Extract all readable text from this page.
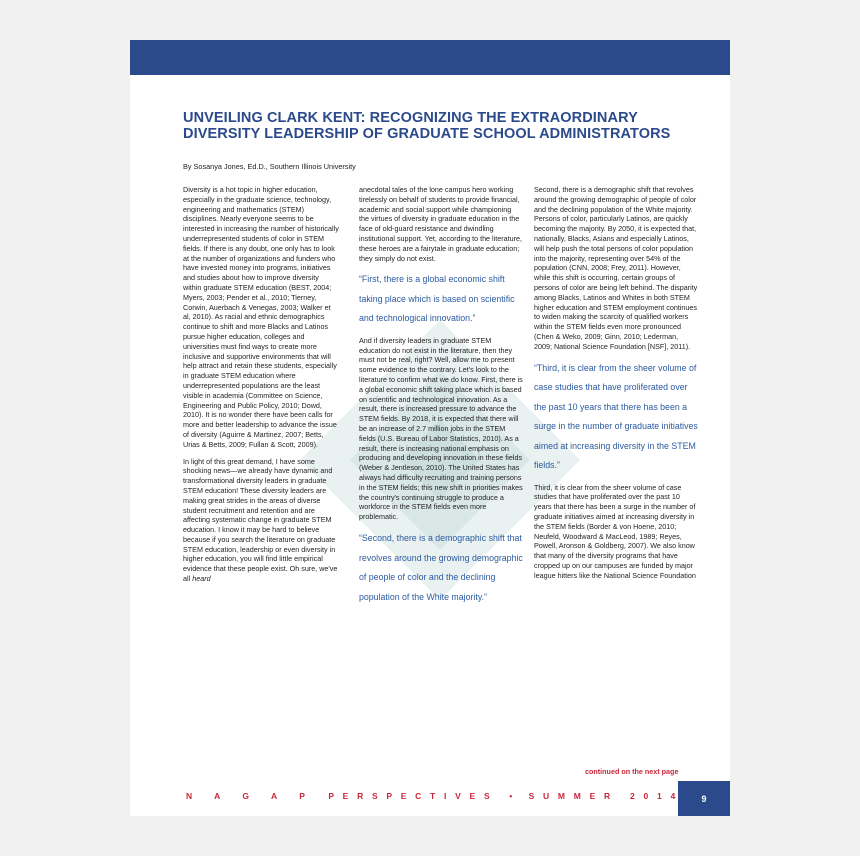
UNVEILING CLARK KENT: RECOGNIZING THE EXTRAORDINARY DIVERSITY LEADERSHIP OF GRADUATE SCHOOL ADMINISTRATORS

By Sosanya Jones, Ed.D., Southern Illinois University

Diversity is a hot topic in higher education, especially in the graduate science, technology, engineering and mathematics (STEM) disciplines. Nearly everyone seems to be interested in increasing the number of historically underrepresented students of color in STEM fields. If there is any doubt, one only has to look at the number of organizations and funders who have invested money into programs, initiatives and studies about how to improve diversity within graduate STEM education (BEST, 2004; Myers, 2003; Pender et al., 2010; Tierney, Corwin, Auerbach & Venegas, 2003; Walker et al, 2010). As racial and ethnic demographics continue to shift and more Blacks and Latinos pursue higher education, colleges and universities must find ways to create more inclusive and supportive environments that will help attract and retain these students, especially in graduate STEM education where underrepresented populations are the least visible in academia (Committee on Science, Engineering and Public Policy, 2010; Dowd, 2010). It is no wonder there have been calls for more and better leadership to advance the issue of diversity (Aguirre & Martinez, 2007; Betts, Urias & Betts, 2009; Fullan & Scott, 2009).

In light of this great demand, I have some shocking news—we already have dynamic and transformational diversity leaders in graduate STEM education! These diversity leaders are making great strides in the areas of diverse student recruitment and retention and are affecting systematic change in graduate STEM education. I know it may be hard to believe because if you search the literature on graduate STEM education, leadership or even diversity in higher education, you will find little empirical evidence that these people exist. Oh sure, we've all heard

anecdotal tales of the lone campus hero working tirelessly on behalf of students to provide financial, academic and social support while championing the virtues of diversity in graduate education in the face of old-guard resistance and dwindling institutional support. Yet, according to the literature, these heroes are a fairytale in graduate education; they simply do not exist.

“First, there is a global economic shift taking place which is based on scientific and technological innovation.”

And if diversity leaders in graduate STEM education do not exist in the literature, then they must not be real, right? Well, allow me to present some evidence to the contrary. Let's look to the literature to confirm what we do know. First, there is a global economic shift taking place which is based on scientific and technological innovation. As a result, there is increased pressure to advance the STEM fields. By 2018, it is expected that there will be an increase of 2.7 million jobs in the STEM fields (U.S. Bureau of Labor Statistics, 2010). As a result, there is increasing national emphasis on producing and developing innovation in these fields (Weber & Jentleson, 2010). The United States has always had difficulty recruiting and training persons in the STEM fields; this new shift in priorities makes the country's continuing struggle to produce a workforce in the STEM fields even more problematic.

“Second, there is a demographic shift that revolves around the growing demographic of people of color and the declining population of the White majority.”

Second, there is a demographic shift that revolves around the growing demographic of people of color and the declining population of the White majority. Persons of color, particularly Latinos, are quickly becoming the majority. By 2050, it is expected that, nationally, Blacks, Asians and especially Latinos, will help push the total persons of color population into the majority, representing over 54% of the population (CNN, 2008; Frey, 2011). However, while this shift is occurring, certain groups of persons of color are being left behind. The disparity among Blacks, Latinos and Whites in both STEM higher education and STEM employment continues to widen making the scarcity of qualified workers within the STEM fields even more pronounced (Chen & Weko, 2009; Ginn, 2010; Lederman, 2009; National Science Foundation [NSF], 2011).

“Third, it is clear from the sheer volume of case studies that have proliferated over the past 10 years that there has been a surge in the number of graduate initiatives aimed at increasing diversity in the STEM fields.”

Third, it is clear from the sheer volume of case studies that have proliferated over the past 10 years that there has been a surge in the number of graduate initiatives aimed at increasing diversity in the STEM fields (Border & von Hoene, 2010; Neufeld, Woodward & MacLeod, 1989; Reyes, Powell, Aronson & Goldberg, 2007). We also know that many of the diversity programs that have cropped up on our campuses are funded by major league hitters like the National Science Foundation

continued on the next page
N A G A P	P E R S P E C T I V E S • S U M M E R   2 0 1 4	9
